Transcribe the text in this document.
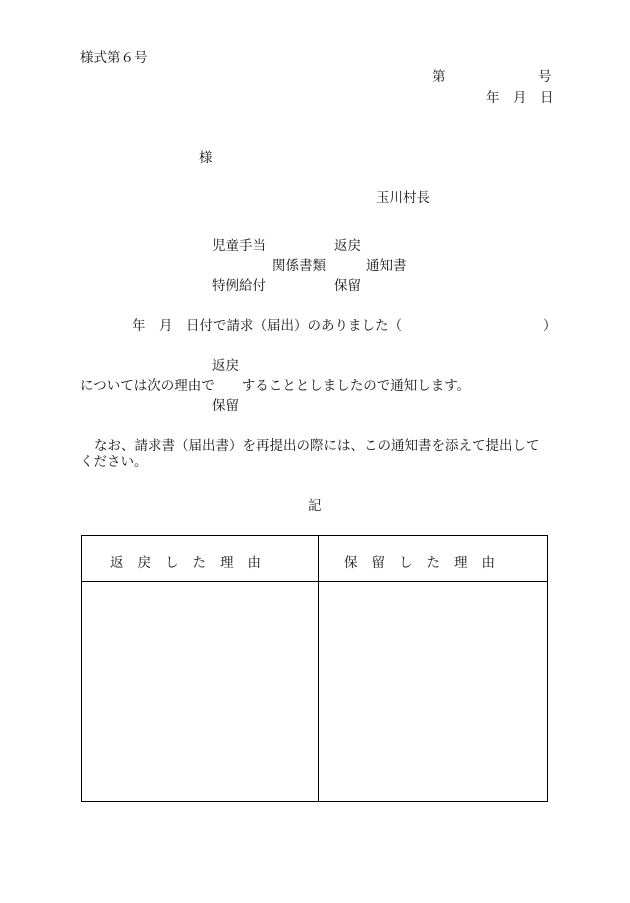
様式第６号
第	号
年　月　日
様
玉川村長
児童手当	返戻
関係書類	通知書
特例給付	保留
年　月　日付で請求（届出）のありました（	）
返戻
については次の理由で　　することとしましたので通知します。
保留
なお、請求書（届出書）を再提出の際には、この通知書を添えて提出してください。
記
返戻した理由	保留した理由
